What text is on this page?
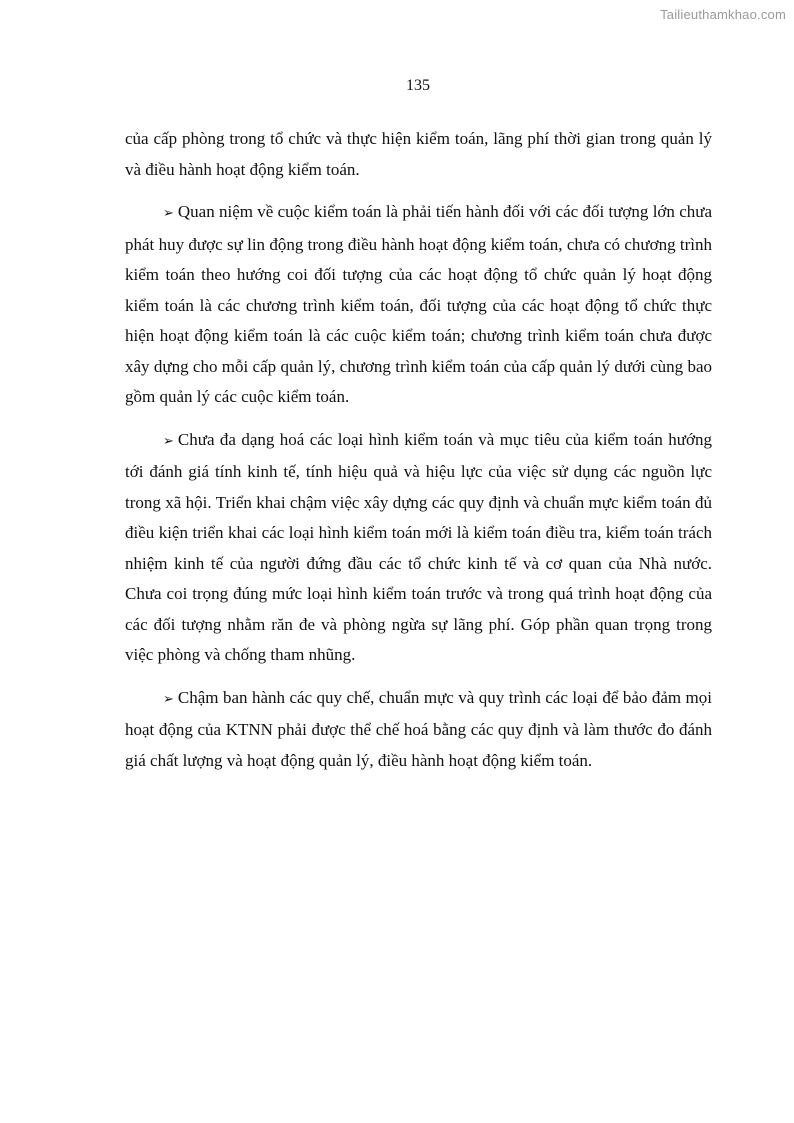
Tailieuthamkhao.com
135

của cấp phòng trong tổ chức và thực hiện kiểm toán, lãng phí thời gian trong quản lý và điều hành hoạt động kiểm toán.

➢ Quan niệm về cuộc kiểm toán là phải tiến hành đối với các đối tượng lớn chưa phát huy được sự lin động trong điều hành hoạt động kiểm toán, chưa có chương trình kiểm toán theo hướng coi đối tượng của các hoạt động tổ chức quản lý hoạt động kiểm toán là các chương trình kiểm toán, đối tượng của các hoạt động tổ chức thực hiện hoạt động kiểm toán là các cuộc kiểm toán; chương trình kiểm toán chưa được xây dựng cho mỗi cấp quản lý, chương trình kiểm toán của cấp quản lý dưới cùng bao gồm quản lý các cuộc kiểm toán.

➢ Chưa đa dạng hoá các loại hình kiểm toán và mục tiêu của kiểm toán hướng tới đánh giá tính kinh tế, tính hiệu quả và hiệu lực của việc sử dụng các nguồn lực trong xã hội. Triển khai chậm việc xây dựng các quy định và chuẩn mực kiểm toán đủ điều kiện triển khai các loại hình kiểm toán mới là kiểm toán điều tra, kiểm toán trách nhiệm kinh tế của người đứng đầu các tổ chức kinh tế và cơ quan của Nhà nước. Chưa coi trọng đúng mức loại hình kiểm toán trước và trong quá trình hoạt động của các đối tượng nhằm răn đe và phòng ngừa sự lãng phí. Góp phần quan trọng trong việc phòng và chống tham nhũng.

➢ Chậm ban hành các quy chế, chuẩn mực và quy trình các loại để bảo đảm mọi hoạt động của KTNN phải được thể chế hoá bằng các quy định và làm thước đo đánh giá chất lượng và hoạt động quản lý, điều hành hoạt động kiểm toán.
